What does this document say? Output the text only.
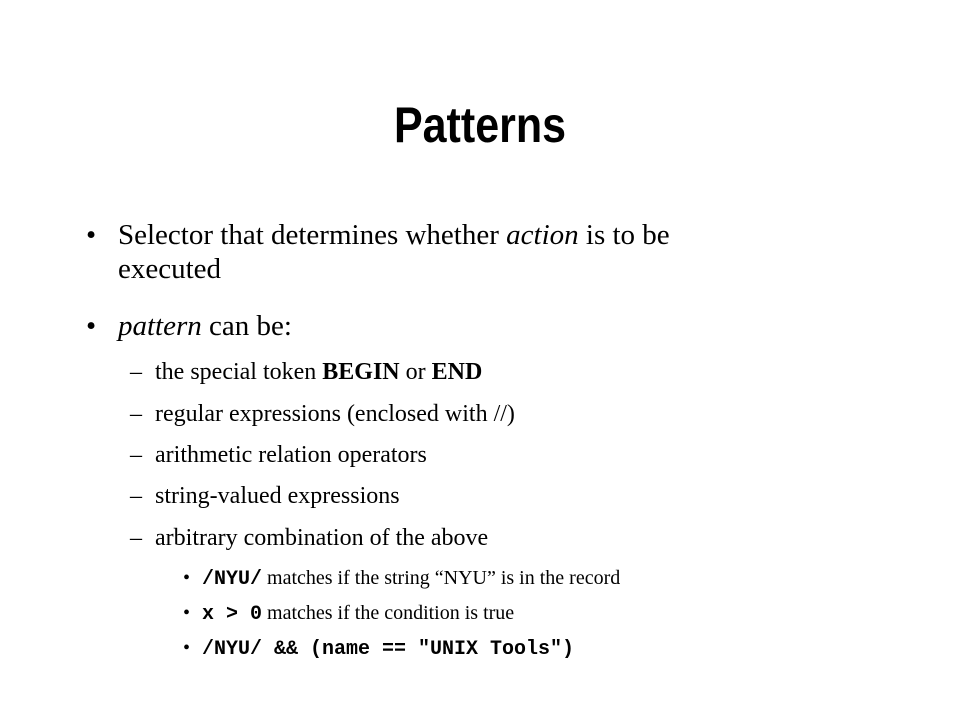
Patterns
• Selector that determines whether action is to be
executed
• pattern can be:
– the special token BEGIN or END
– regular expressions (enclosed with //)
– arithmetic relation operators
– string-valued expressions
– arbitrary combination of the above
• /NYU/ matches if the string “NYU” is in the record
• x > 0 matches if the condition is true
• /NYU/ && (name == "UNIX Tools")
